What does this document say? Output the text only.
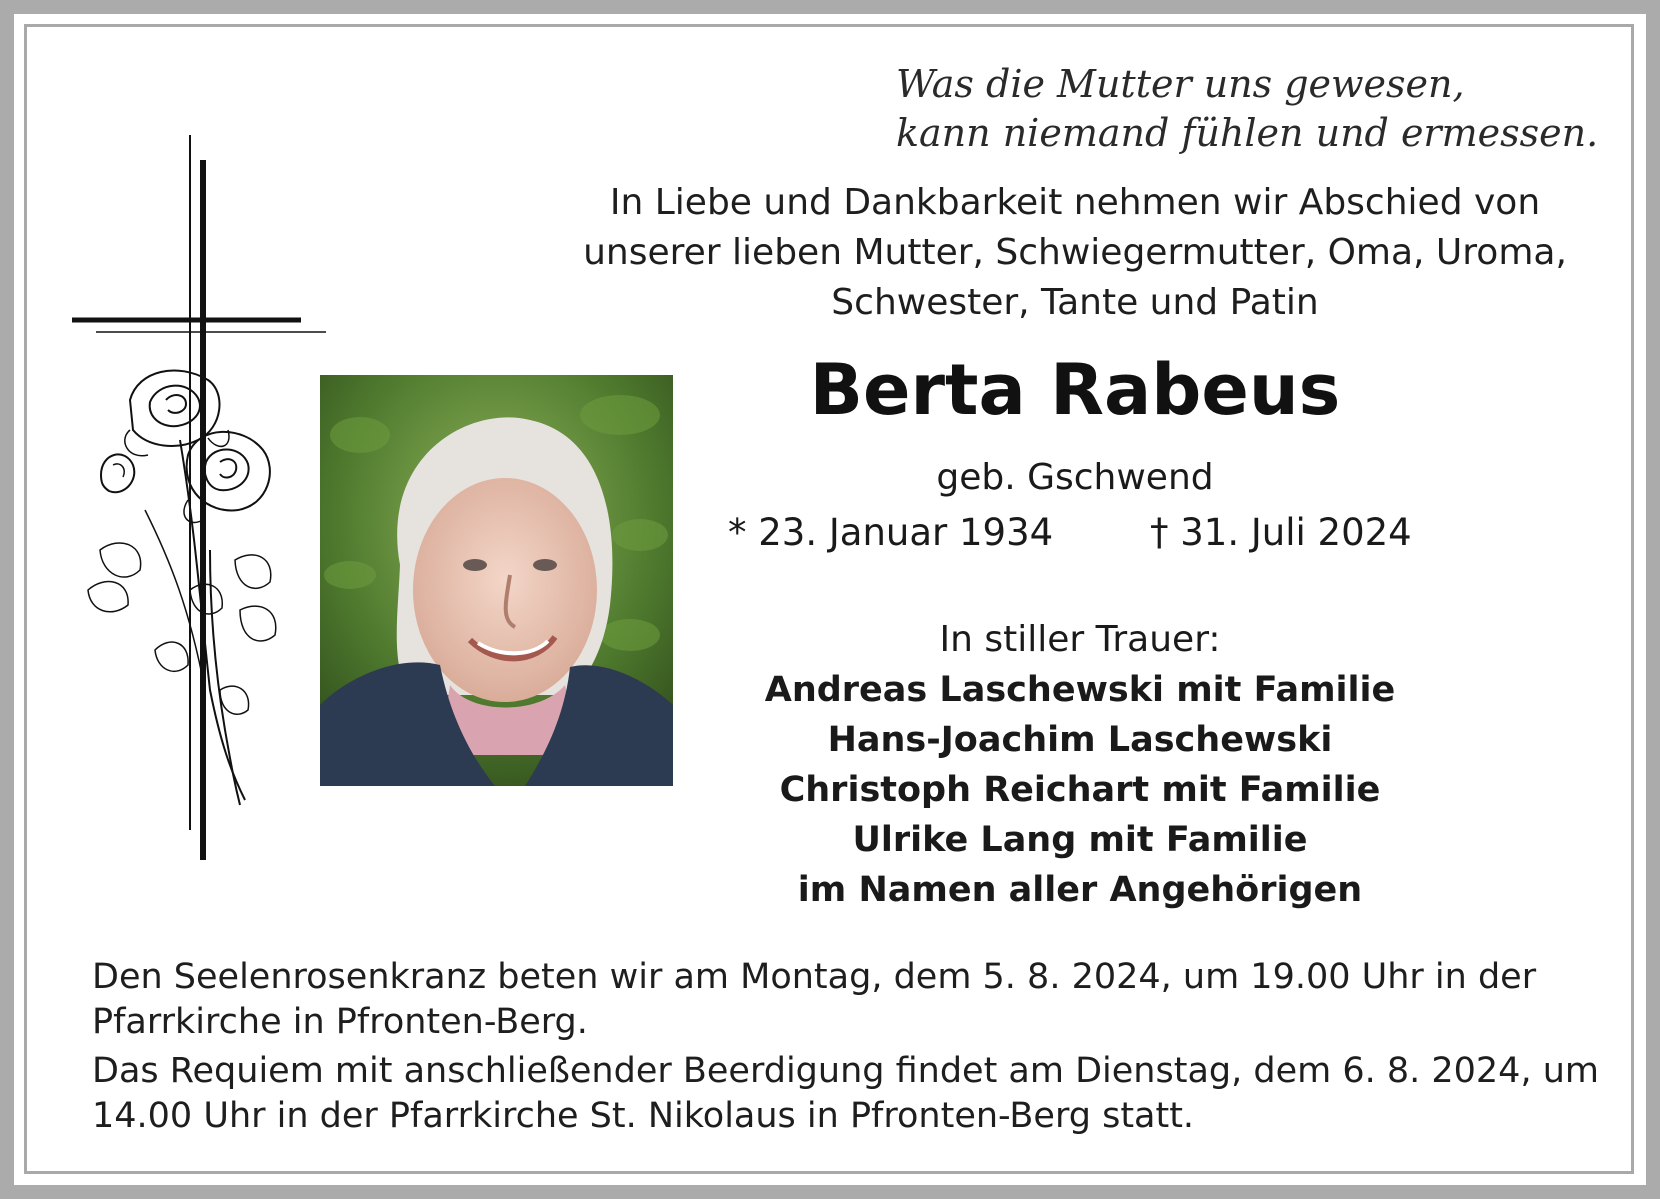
Was die Mutter uns gewesen,
kann niemand fühlen und ermessen.
In Liebe und Dankbarkeit nehmen wir Abschied von
unserer lieben Mutter, Schwiegermutter, Oma, Uroma,
Schwester, Tante und Patin
Berta Rabeus
geb. Gschwend
* 23. Januar 1934	† 31. Juli 2024
In stiller Trauer:
Andreas Laschewski mit Familie
Hans-Joachim Laschewski
Christoph Reichart mit Familie
Ulrike Lang mit Familie
im Namen aller Angehörigen

Den Seelenrosenkranz beten wir am Montag, dem 5. 8. 2024, um 19.00 Uhr in der Pfarrkirche in Pfronten-Berg.

Das Requiem mit anschließender Beerdigung findet am Dienstag, dem 6. 8. 2024, um 14.00 Uhr in der Pfarrkirche St. Nikolaus in Pfronten-Berg statt.
